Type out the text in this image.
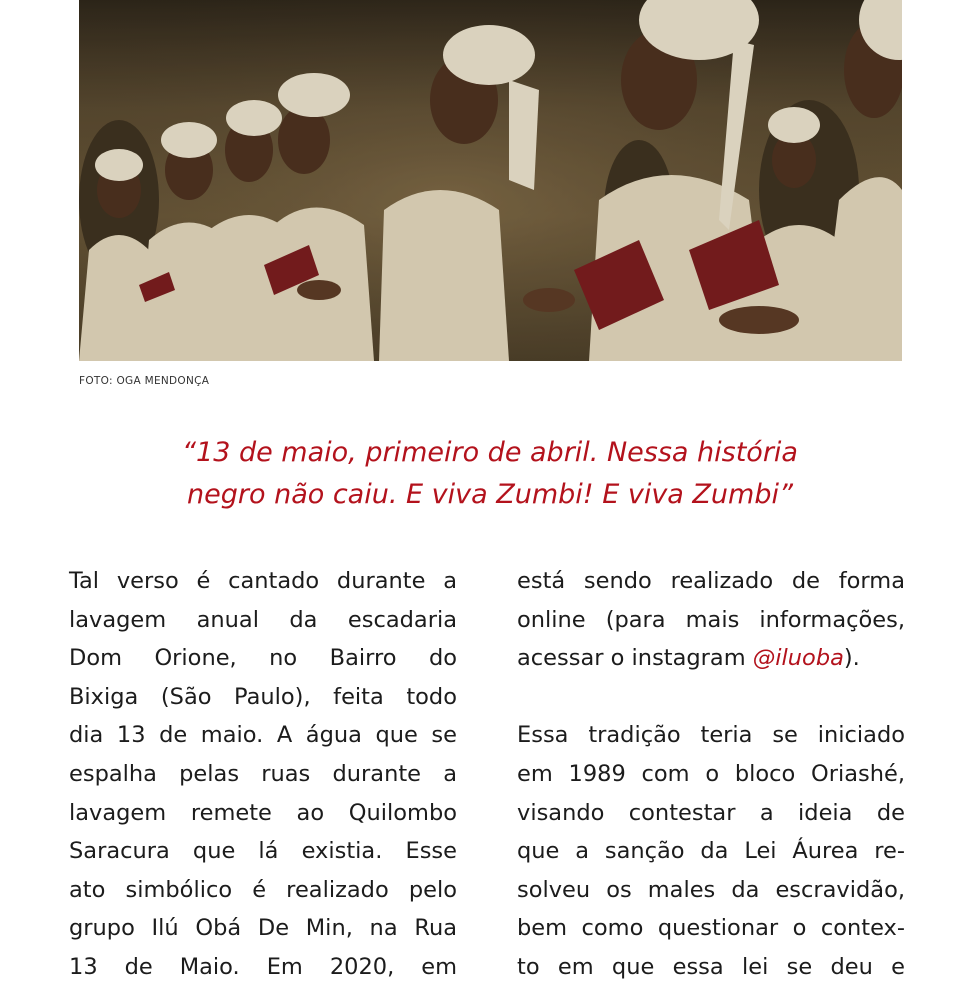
FOTO: OGA MENDONÇA
“13 de maio, primeiro de abril. Nessa história
negro não caiu. E viva Zumbi! E viva Zumbi”
Tal verso é cantado durante a
lavagem anual da escadaria
Dom Orione, no Bairro do
Bixiga (São Paulo), feita todo
dia 13 de maio. A água que se
espalha pelas ruas durante a
lavagem remete ao Quilombo
Saracura que lá existia. Esse
ato simbólico é realizado pelo
grupo Ilú Obá De Min, na Rua
13 de Maio. Em 2020, em
está sendo realizado de forma
online (para mais informações,
acessar o instagram @iluoba).
Essa tradição teria se iniciado
em 1989 com o bloco Oriashé,
visando contestar a ideia de
que a sanção da Lei Áurea re-
solveu os males da escravidão,
bem como questionar o contex-
to em que essa lei se deu e
